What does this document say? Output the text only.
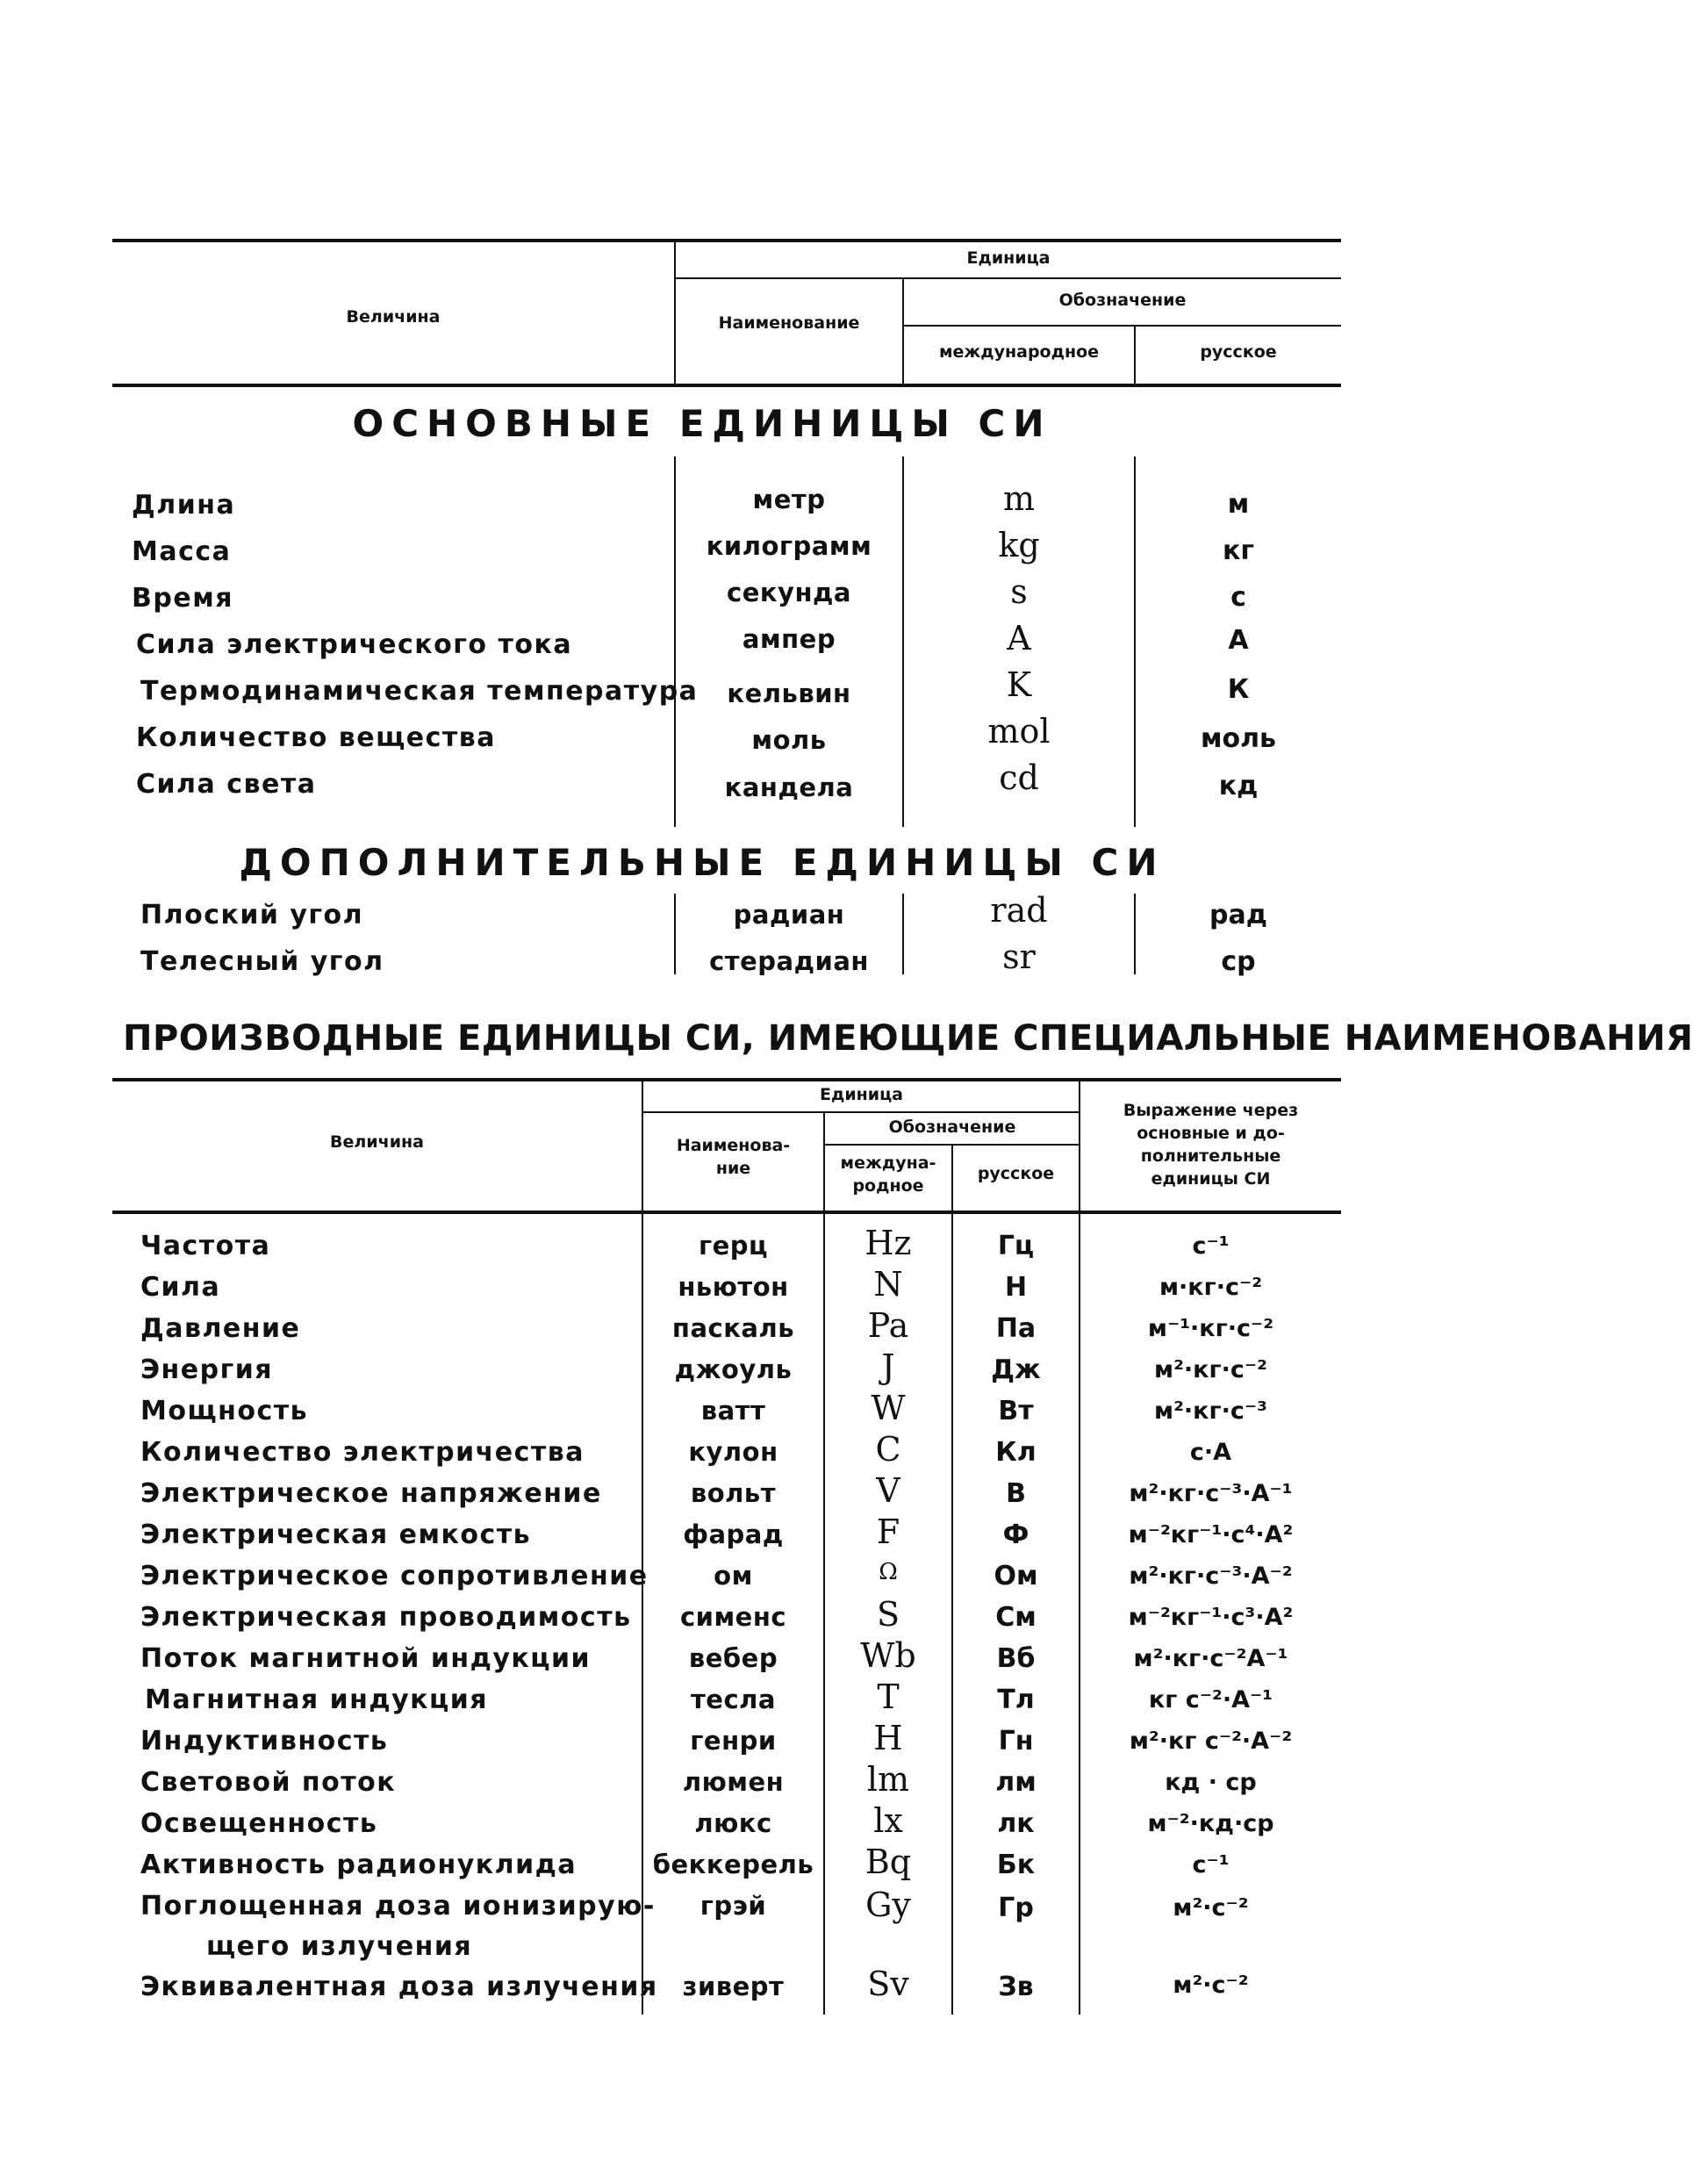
Величина
Единица
Наименование
Обозначение
международное	русское
ОСНОВНЫЕ ЕДИНИЦЫ СИ
Длина	метр	m	м
Масса	килограмм	kg	кг
Время	секунда	s	с
Сила электрического тока	ампер	A	А
Термодинамическая температура	кельвин	K	К
Количество вещества	моль	mol	моль
Сила света	кандела	cd	кд
ДОПОЛНИТЕЛЬНЫЕ ЕДИНИЦЫ СИ
Плоский угол	радиан	rad	рад
Телесный угол	стерадиан	sr	ср
ПРОИЗВОДНЫЕ ЕДИНИЦЫ СИ, ИМЕЮЩИЕ СПЕЦИАЛЬНЫЕ НАИМЕНОВАНИЯ
Величина
Единица
Наименова-
ние
Обозначение
междуна-
родное
русское
Выражение через
основные и до-
полнительные
единицы СИ
Частота	герц	Hz	Гц	с⁻¹
Сила	ньютон	N	Н	м·кг·с⁻²
Давление	паскаль	Pa	Па	м⁻¹·кг·с⁻²
Энергия	джоуль	J	Дж	м²·кг·с⁻²
Мощность	ватт	W	Вт	м²·кг·с⁻³
Количество электричества	кулон	C	Кл	с·А
Электрическое напряжение	вольт	V	В	м²·кг·с⁻³·А⁻¹
Электрическая емкость	фарад	F	Ф	м⁻²кг⁻¹·с⁴·А²
Электрическое сопротивление	ом	Ω	Ом	м²·кг·с⁻³·А⁻²
Электрическая проводимость	сименс	S	См	м⁻²кг⁻¹·с³·А²
Поток магнитной индукции	вебер	Wb	Вб	м²·кг·с⁻²А⁻¹
Магнитная индукция	тесла	T	Тл	кг с⁻²·А⁻¹
Индуктивность	генри	H	Гн	м²·кг с⁻²·А⁻²
Световой поток	люмен	lm	лм	кд · ср
Освещенность	люкс	lx	лк	м⁻²·кд·ср
Активность радионуклида	беккерель	Bq	Бк	с⁻¹
Поглощенная доза ионизирую-
щего излучения
грэй	Gy	Гр	м²·с⁻²
Эквивалентная доза излучения зиверт	Sv	Зв	м²·с⁻²
